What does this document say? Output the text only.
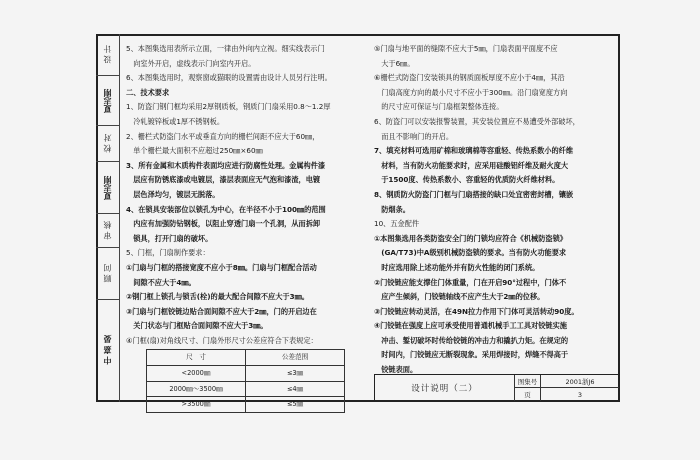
设 计
夏志刚
校 对
夏志刚
审 核
顾 问
中 嘉 晏
5、本图集选用表所示立面，一律由外向内立视。细实线表示门
　向室外开启，虚线表示门向室内开启。
6、本图集选用时，观察窗或猫眼的设置需由设计人员另行注明。
二、技术要求
1、防盗门钢门框均采用2厚钢质板，钢质门门扇采用0.8～1.2厚
　冷轧镀锌板或1厚不锈钢板。
2、栅栏式防盗门水平或垂直方向的栅栏间距不应大于60㎜，
　单个栅栏最大面积不应超过250㎜×60㎜
3、所有金属和木质构件表面均应进行防腐性处理。金属构件漆
　层应有防锈底漆或电镀层，漆层表面应无气泡和漆渣，电镀
　层色泽均匀，镀层无脱落。
4、在锁具安装部位以锁孔为中心，在半径不小于100㎜的范围
　内应有加强防钻钢板，以阻止穿透门扇一个孔洞，从而拆卸
　锁具，打开门扇的破坏。
5、门框，门扇制作要求：
①门扇与门框的搭接宽度不应小于8㎜。门扇与门框配合活动
　间隙不应大于4㎜。
②钢门框上锁孔与锁舌(栓)的最大配合间隙不应大于3㎜。
③门扇与门框铰链边贴合面间隙不应大于2㎜，门的开启边在
　关门状态与门框贴合面间隙不应大于3㎜。
④门框(扇)对角线尺寸、门扇外形尺寸公差应符合下表规定：
尺　寸	公差范围
<2000㎜	≤3㎜
2000㎜～3500㎜	≤4㎜
>3500㎜	≤5㎜
⑤门扇与地平面的缝隙不应大于5㎜，门扇表面平面度不应
　大于6㎜。
⑥栅栏式防盗门安装锁具的钢质面板厚度不应小于4㎜，其沿
　门扇高度方向的最小尺寸不应小于300㎜。沿门扇宽度方向
　的尺寸应可保证与门扇框架整体连接。
6、防盗门可以安装报警装置，其安装位置应不易遭受外部破坏，
　而且不影响门的开启。
7、填充材料可选用矿棉和玻璃棉等容重轻、传热系数小的纤维
　材料，当有防火功能要求时，应采用硅酸铝纤维及耐火度大
　于1500度、传热系数小、容重轻的优质防火纤维材料。
8、钢质防火防盗门门框与门扇搭接的缺口处宜密密封槽，镶嵌
　防烟条。
10、五金配件
①本图集选用各类防盗安全门的门锁均应符合《机械防盗锁》
　(GA/T73)中A级别机械防盗锁的要求。当有防火功能要求
　时应选用除上述功能外并有防火性能的闭门系统。
②门铰链应能支撑住门体重量，门在开启90°过程中，门体不
　应产生倾斜，门铰链轴线不应产生大于2㎜的位移。
③门铰链应转动灵活，在49N拉力作用下门体可灵活转动90度。
④门铰链在强度上应可承受使用普通机械手工工具对铰链实施
　冲击、錾切破坏时传给铰链的冲击力和撬扒力矩。在规定的
　时间内，门铰链应无断裂现象。采用焊接时，焊缝不得高于
　铰链表面。
设计说明（二）
图集号	2001浙J6
页	3
